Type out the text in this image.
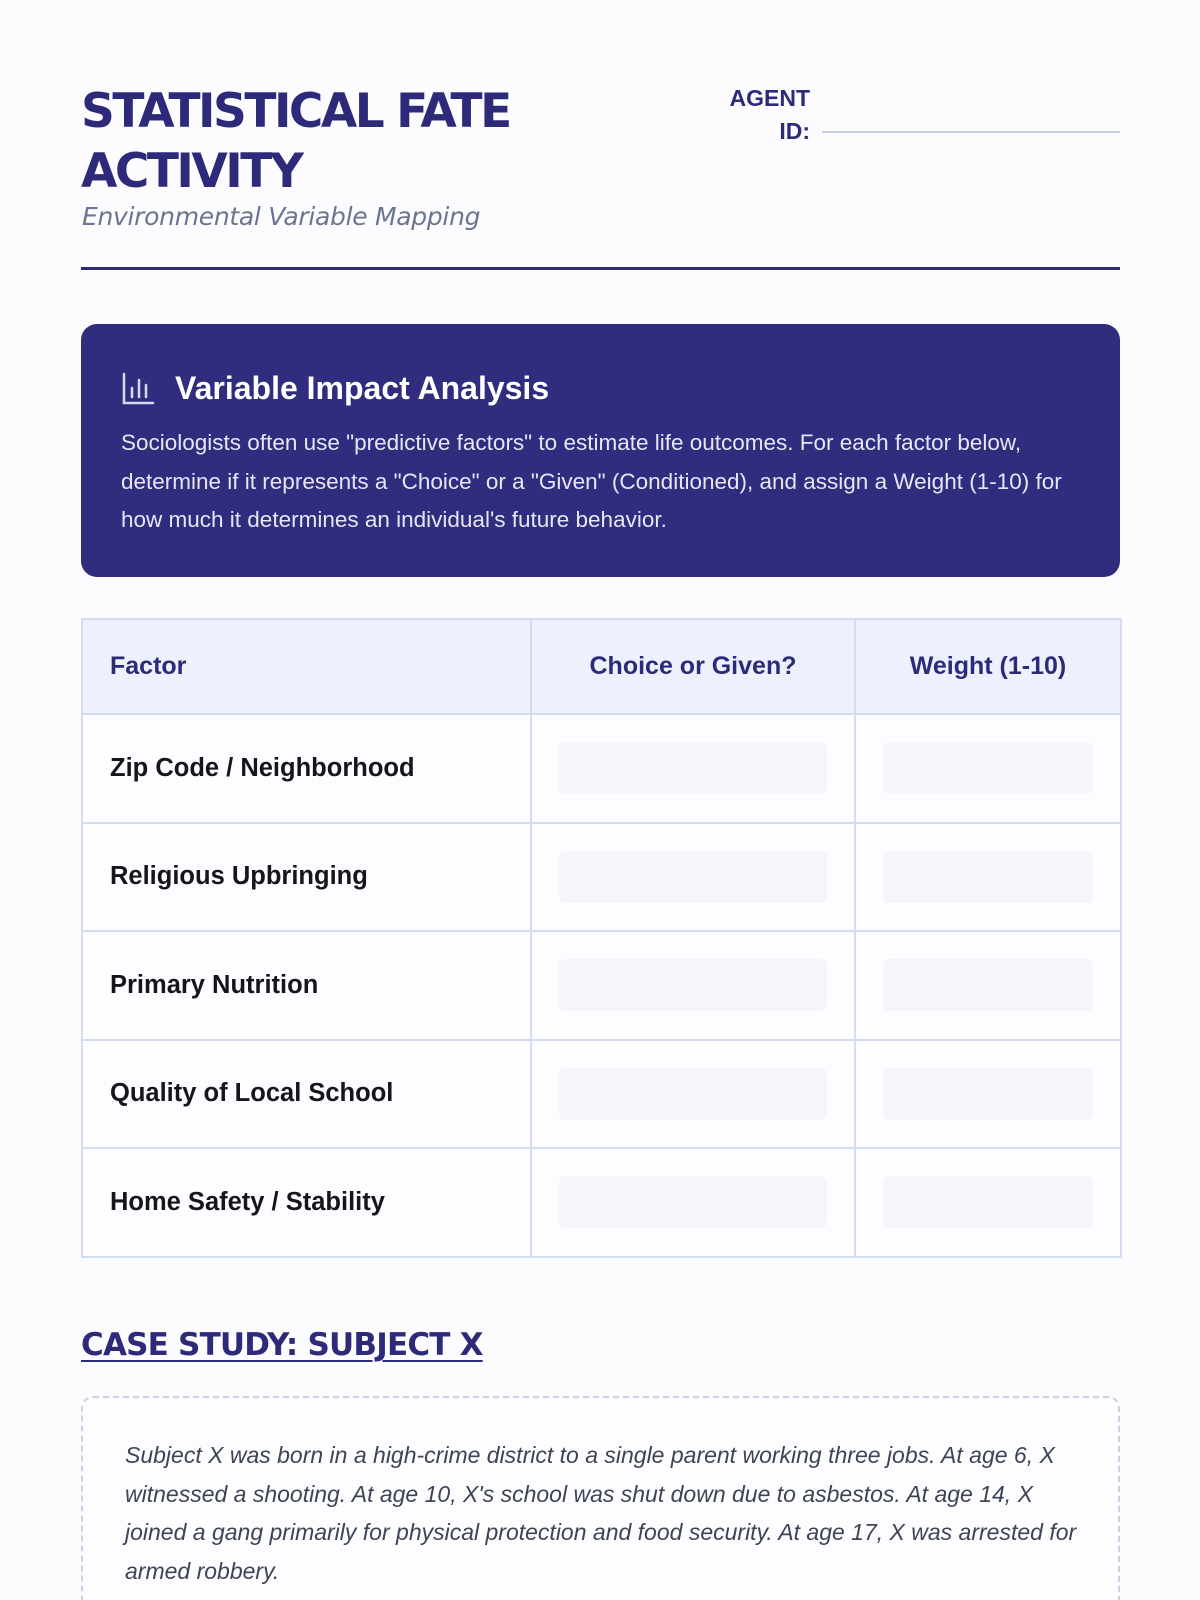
STATISTICAL FATE ACTIVITY
Environmental Variable Mapping
AGENT ID:
Variable Impact Analysis

Sociologists often use "predictive factors" to estimate life outcomes. For each factor below, determine if it represents a "Choice" or a "Given" (Conditioned), and assign a Weight (1-10) for how much it determines an individual's future behavior.

Factor	Choice or Given?	Weight (1-10)
Zip Code / Neighborhood	

Religious Upbringing	

Primary Nutrition	

Quality of Local School	

Home Safety / Stability	

CASE STUDY: SUBJECT X

Subject X was born in a high-crime district to a single parent working three jobs. At age 6, X witnessed a shooting. At age 10, X's school was shut down due to asbestos. At age 14, X joined a gang primarily for physical protection and food security. At age 17, X was arrested for armed robbery.
